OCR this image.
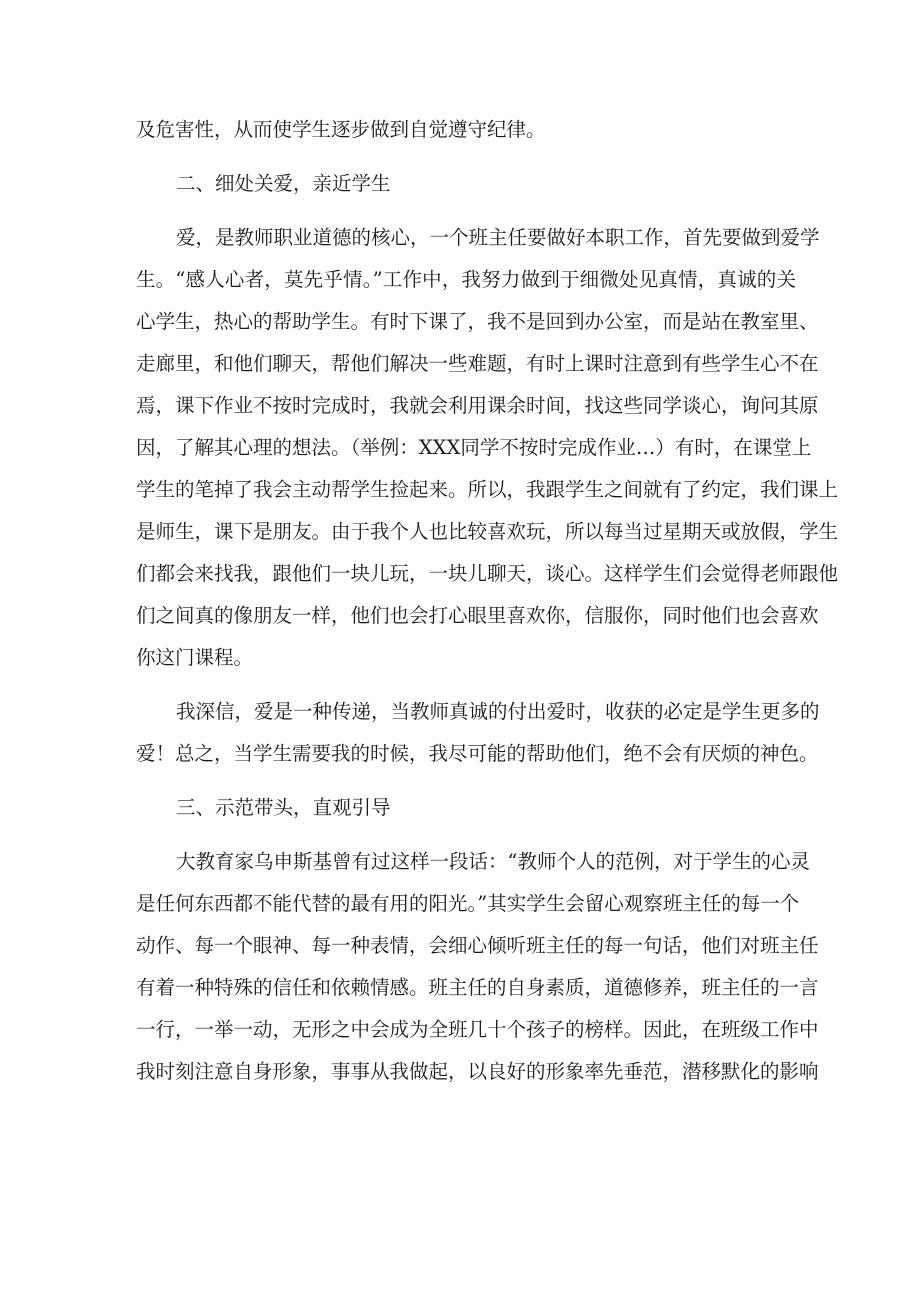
及危害性，从而使学生逐步做到自觉遵守纪律。
二、细处关爱，亲近学生
爱，是教师职业道德的核心，一个班主任要做好本职工作，首先要做到爱学
生。“感人心者，莫先乎情。”工作中，我努力做到于细微处见真情，真诚的关
心学生，热心的帮助学生。有时下课了，我不是回到办公室，而是站在教室里、
走廊里，和他们聊天，帮他们解决一些难题，有时上课时注意到有些学生心不在
焉，课下作业不按时完成时，我就会利用课余时间，找这些同学谈心，询问其原
因，了解其心理的想法。（举例：XXX同学不按时完成作业…）有时，在课堂上
学生的笔掉了我会主动帮学生捡起来。所以，我跟学生之间就有了约定，我们课上
是师生，课下是朋友。由于我个人也比较喜欢玩，所以每当过星期天或放假，学生
们都会来找我，跟他们一块儿玩，一块儿聊天，谈心。这样学生们会觉得老师跟他
们之间真的像朋友一样，他们也会打心眼里喜欢你，信服你，同时他们也会喜欢
你这门课程。
我深信，爱是一种传递，当教师真诚的付出爱时，收获的必定是学生更多的
爱！总之，当学生需要我的时候，我尽可能的帮助他们，绝不会有厌烦的神色。
三、示范带头，直观引导
大教育家乌申斯基曾有过这样一段话：“教师个人的范例，对于学生的心灵
是任何东西都不能代替的最有用的阳光。”其实学生会留心观察班主任的每一个
动作、每一个眼神、每一种表情，会细心倾听班主任的每一句话，他们对班主任
有着一种特殊的信任和依赖情感。班主任的自身素质，道德修养，班主任的一言
一行，一举一动，无形之中会成为全班几十个孩子的榜样。因此，在班级工作中
我时刻注意自身形象，事事从我做起，以良好的形象率先垂范，潜移默化的影响
